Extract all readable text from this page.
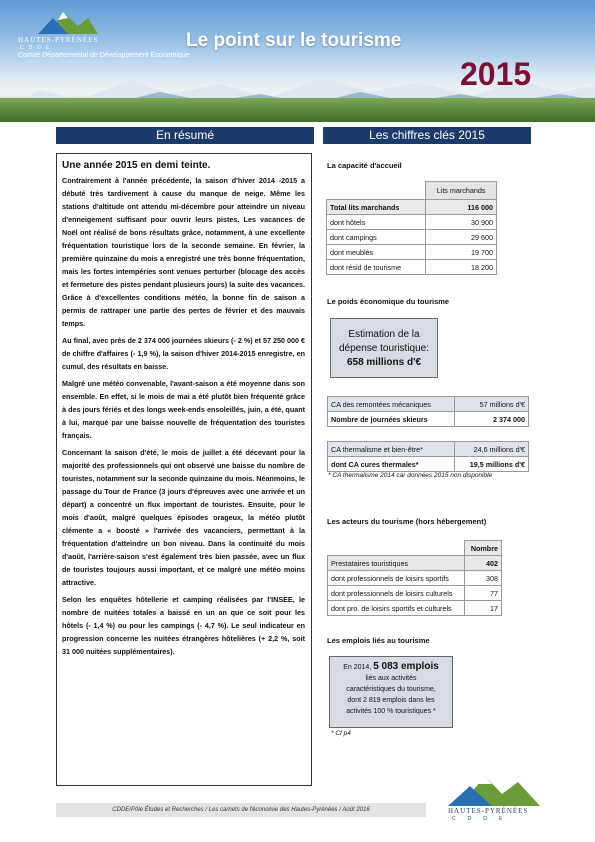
HAUTES-PYRÉNÉES
CDDE	Le point sur le tourisme
Comité Départemental de Développement Economique
2015
En résumé	Les chiffres clés 2015
Une année 2015 en demi teinte.

Contrairement à l'année précédente, la saison d'hiver 2014 -2015 a débuté très tardivement à cause du manque de neige. Même les stations d'altitude ont attendu mi-décembre pour atteindre un niveau d'enneigement suffisant pour ouvrir leurs pistes. Les vacances de Noël ont réalisé de bons résultats grâce, notamment, à une excellente fréquentation touristique lors de la seconde semaine. En février, la première quinzaine du mois a enregistré une très bonne fréquentation, mais les fortes intempéries sont venues perturber (blocage des accès et fermeture des pistes pendant plusieurs jours) la suite des vacances. Grâce à d'excellentes conditions météo, la bonne fin de saison a permis de rattraper une partie des pertes de février et des mauvais temps.

Au final, avec près de 2 374 000 journées skieurs (- 2 %) et 57 250 000 € de chiffre d'affaires (- 1,9 %), la saison d'hiver 2014-2015 enregistre, en cumul, des résultats en baisse.

Malgré une météo convenable, l'avant-saison a été moyenne dans son ensemble. En effet, si le mois de mai a été plutôt bien fréquenté grâce à des jours fériés et des longs week-ends ensoleillés, juin, a été, quant à lui, marqué par une baisse nouvelle de fréquentation des touristes français.

Concernant la saison d'été, le mois de juillet a été décevant pour la majorité des professionnels qui ont observé une baisse du nombre de touristes, notamment sur la seconde quinzaine du mois. Néanmoins, le passage du Tour de France (3 jours d'épreuves avec une arrivée et un départ) a concentré un flux important de touristes. Ensuite, pour le mois d'août, malgré quelques épisodes orageux, la météo plutôt clémente a « boosté » l'arrivée des vacanciers, permettant à la fréquentation d'atteindre un bon niveau. Dans la continuité du mois d'août, l'arrière-saison s'est également très bien passée, avec un flux de touristes toujours aussi important, et ce malgré une météo moins attractive.

Selon les enquêtes hôtellerie et camping réalisées par l'INSEE, le nombre de nuitées totales a baissé en un an que ce soit pour les hôtels (- 1,4 %) ou pour les campings (- 4,7 %). Le seul indicateur en progression concerne les nuitées étrangères hôtelières (+ 2,2 %, soit 31 000 nuitées supplémentaires).

La capacité d'accueil
	Lits marchands
Total lits marchands	116 000
dont hôtels	30 900
dont campings	29 600
dont meublés	19 700
dont résid de tourisme	18 200
Le poids économique du tourisme
Estimation de la
dépense touristique:
658 millions d'€
CA des remontées mécaniques	57 millions d'€
Nombre de journées skieurs	2 374 000

CA thermalisme et bien-être*	24,6 millions d'€
dont CA cures thermales*	19,5 millions d'€
* CA thermalisme 2014 car données 2015 non disponible
Les acteurs du tourisme (hors hébergement)
	Nombre
Prestataires touristiques	402
dont professionnels de loisirs sportifs	308
dont professionnels de loisirs culturels	77
dont pro. de loisirs sportifs et culturels	17
Les emplois liés au tourisme
En 2014, 5 083 emplois
liés aux activités
caractéristiques du tourisme,
dont 2 819 emplois dans les
activités 100 % touristiques *
* Cf p4
CDDE/Pôle Études et Recherches / Les carnets de l'économie des Hautes-Pyrénées / Août 2016	HAUTES-PYRÉNÉES
CDDE
